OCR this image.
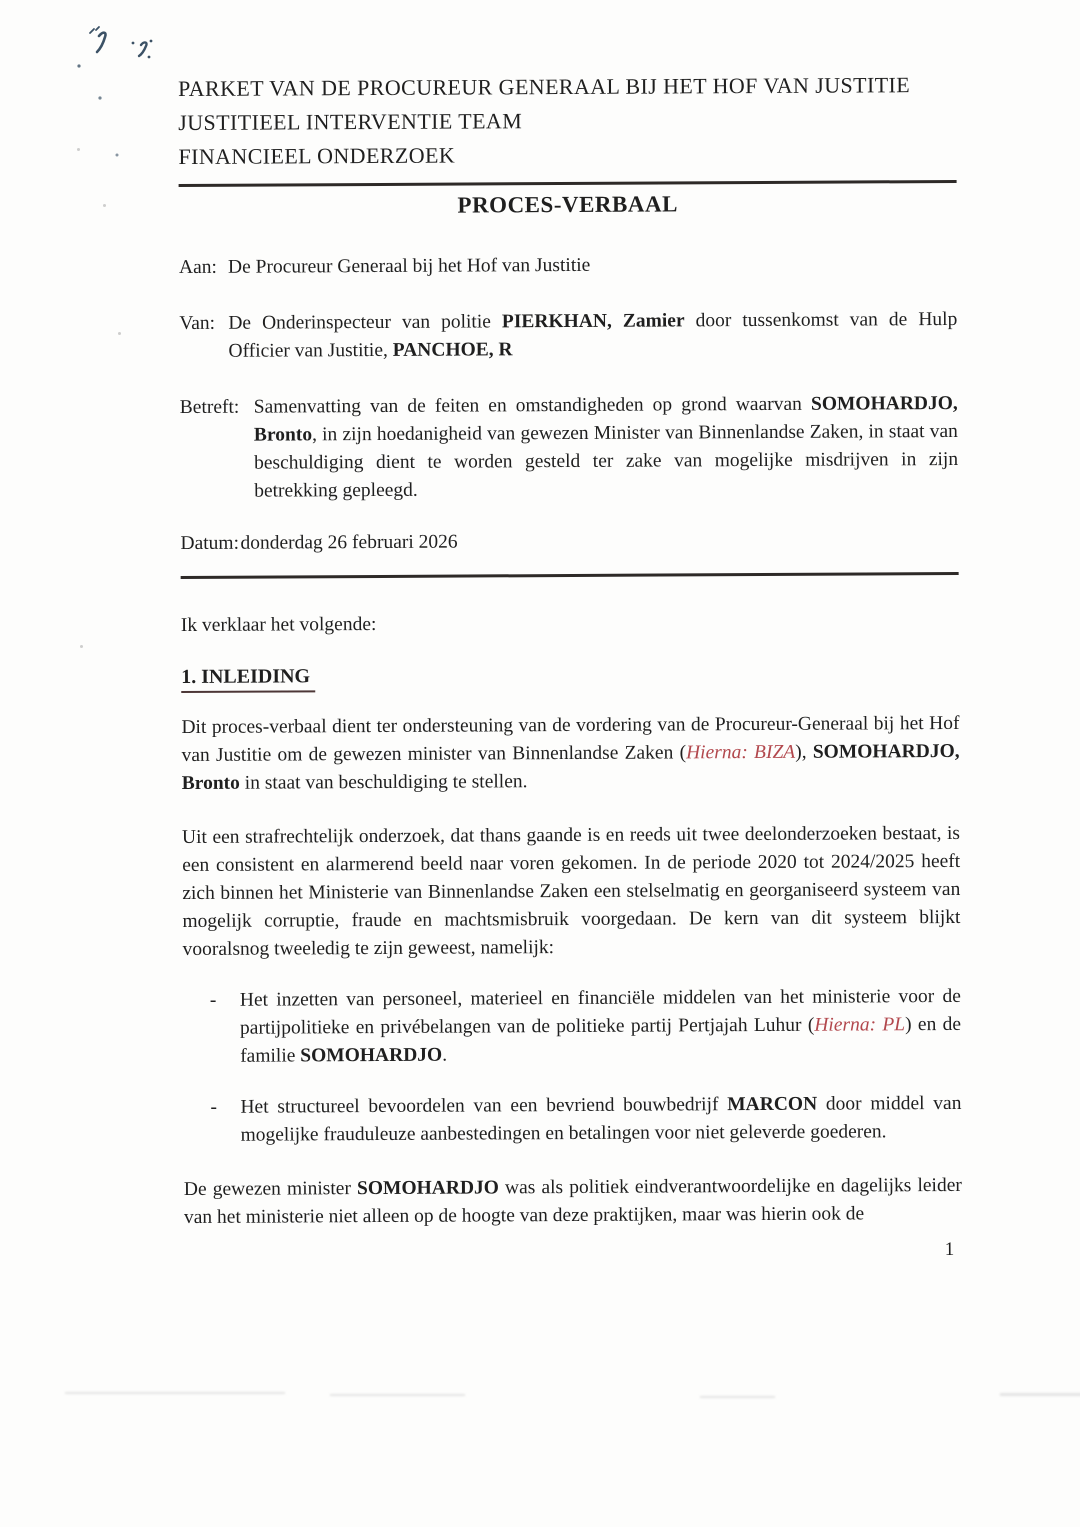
PARKET VAN DE PROCUREUR GENERAAL BIJ HET HOF VAN JUSTITIE
JUSTITIEEL INTERVENTIE TEAM
FINANCIEEL ONDERZOEK
PROCES-VERBAAL
Aan: De Procureur Generaal bij het Hof van Justitie
Van: De Onderinspecteur van politie PIERKHAN, Zamier door tussenkomst van de Hulp Officier van Justitie, PANCHOE, R
Betreft: Samenvatting van de feiten en omstandigheden op grond waarvan SOMOHARDJO, Bronto, in zijn hoedanigheid van gewezen Minister van Binnenlandse Zaken, in staat van beschuldiging dient te worden gesteld ter zake van mogelijke misdrijven in zijn betrekking gepleegd.
Datum: donderdag 26 februari 2026
Ik verklaar het volgende:
1. INLEIDING

Dit proces-verbaal dient ter ondersteuning van de vordering van de Procureur-Generaal bij het Hof van Justitie om de gewezen minister van Binnenlandse Zaken (Hierna: BIZA), SOMOHARDJO, Bronto in staat van beschuldiging te stellen.

Uit een strafrechtelijk onderzoek, dat thans gaande is en reeds uit twee deelonderzoeken bestaat, is een consistent en alarmerend beeld naar voren gekomen. In de periode 2020 tot 2024/2025 heeft zich binnen het Ministerie van Binnenlandse Zaken een stelselmatig en georganiseerd systeem van mogelijk corruptie, fraude en machtsmisbruik voorgedaan. De kern van dit systeem blijkt vooralsnog tweeledig te zijn geweest, namelijk:

-	Het inzetten van personeel, materieel en financiële middelen van het ministerie voor de partijpolitieke en privébelangen van de politieke partij Pertjajah Luhur (Hierna: PL) en de familie SOMOHARDJO.
-	Het structureel bevoordelen van een bevriend bouwbedrijf MARCON door middel van mogelijke frauduleuze aanbestedingen en betalingen voor niet geleverde goederen.

De gewezen minister SOMOHARDJO was als politiek eindverantwoordelijke en dagelijks leider van het ministerie niet alleen op de hoogte van deze praktijken, maar was hierin ook de

1
